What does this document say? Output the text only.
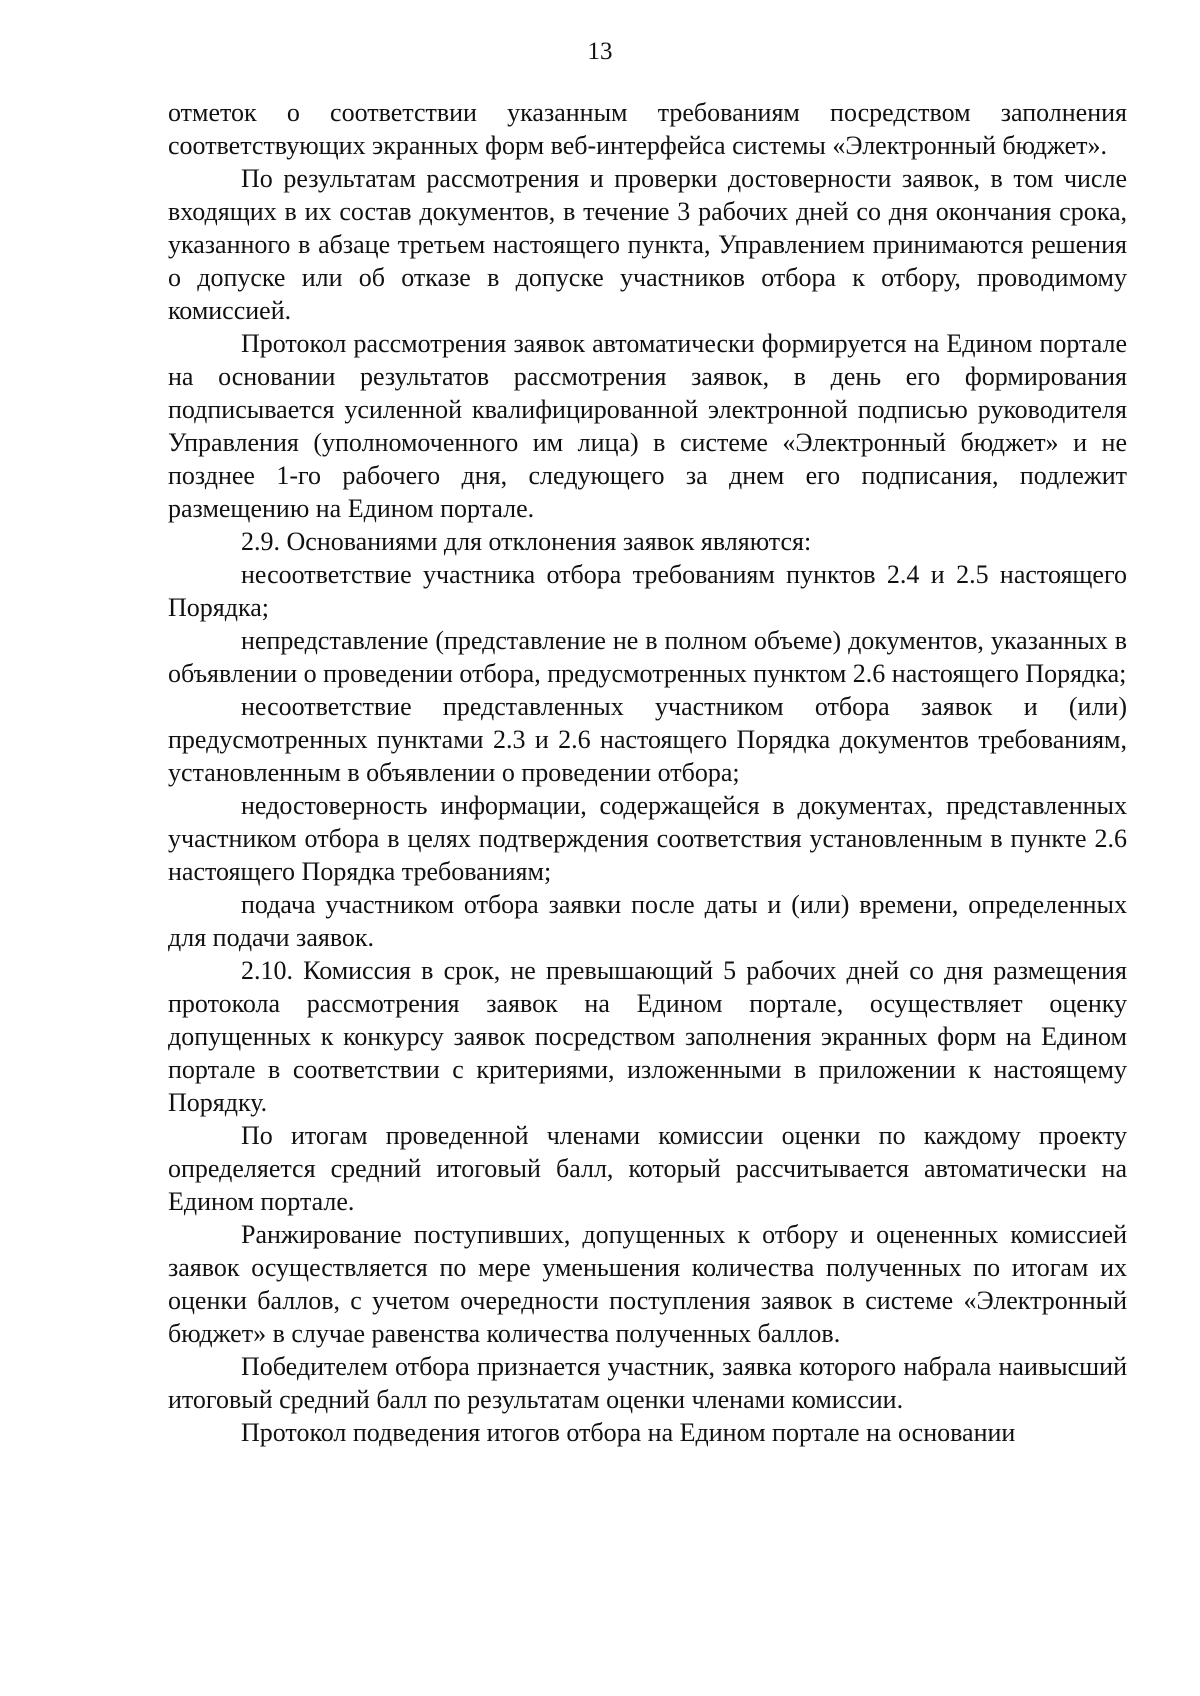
13

отметок о соответствии указанным требованиям посредством заполнения соответствующих экранных форм веб-интерфейса системы «Электронный бюджет».

По результатам рассмотрения и проверки достоверности заявок, в том числе входящих в их состав документов, в течение 3 рабочих дней со дня окончания срока, указанного в абзаце третьем настоящего пункта, Управлением принимаются решения о допуске или об отказе в допуске участников отбора к отбору, проводимому комиссией.

Протокол рассмотрения заявок автоматически формируется на Едином портале на основании результатов рассмотрения заявок, в день его формирования подписывается усиленной квалифицированной электронной подписью руководителя Управления (уполномоченного им лица) в системе «Электронный бюджет» и не позднее 1-го рабочего дня, следующего за днем его подписания, подлежит размещению на Едином портале.

2.9. Основаниями для отклонения заявок являются:

несоответствие участника отбора требованиям пунктов 2.4 и 2.5 настоящего Порядка;

непредставление (представление не в полном объеме) документов, указанных в объявлении о проведении отбора, предусмотренных пунктом 2.6 настоящего Порядка;

несоответствие представленных участником отбора заявок и (или) предусмотренных пунктами 2.3 и 2.6 настоящего Порядка документов требованиям, установленным в объявлении о проведении отбора;

недостоверность информации, содержащейся в документах, представленных участником отбора в целях подтверждения соответствия установленным в пункте 2.6 настоящего Порядка требованиям;

подача участником отбора заявки после даты и (или) времени, определенных для подачи заявок.

2.10. Комиссия в срок, не превышающий 5 рабочих дней со дня размещения протокола рассмотрения заявок на Едином портале, осуществляет оценку допущенных к конкурсу заявок посредством заполнения экранных форм на Едином портале в соответствии с критериями, изложенными в приложении к настоящему Порядку.

По итогам проведенной членами комиссии оценки по каждому проекту определяется средний итоговый балл, который рассчитывается автоматически на Едином портале.

Ранжирование поступивших, допущенных к отбору и оцененных комиссией заявок осуществляется по мере уменьшения количества полученных по итогам их оценки баллов, с учетом очередности поступления заявок в системе «Электронный бюджет» в случае равенства количества полученных баллов.

Победителем отбора признается участник, заявка которого набрала наивысший итоговый средний балл по результатам оценки членами комиссии.

Протокол подведения итогов отбора на Едином портале на основании
